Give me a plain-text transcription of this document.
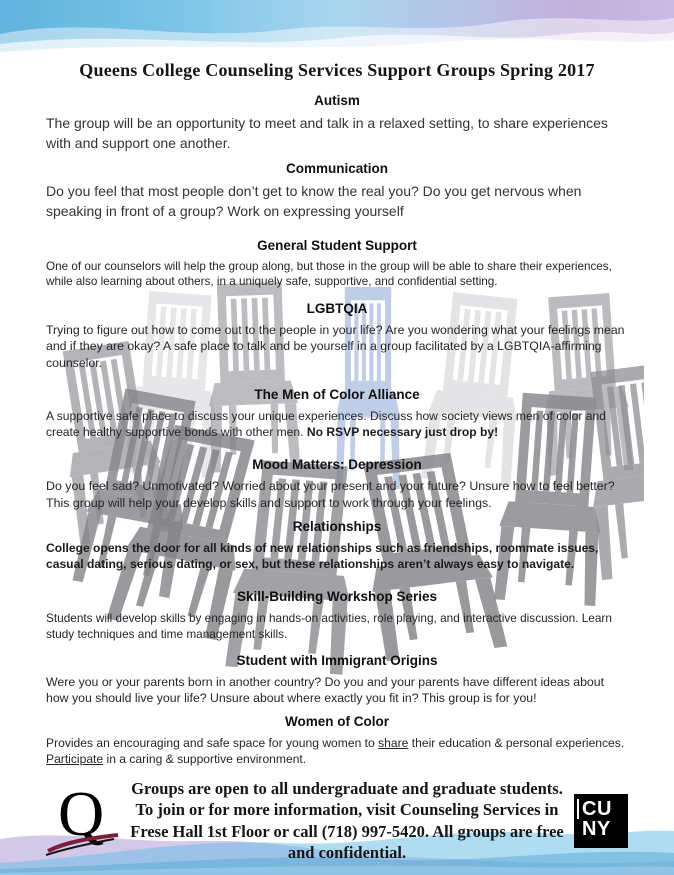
Queens College Counseling Services Support Groups Spring 2017
Autism

The group will be an opportunity to meet and talk in a relaxed setting, to share experiences with and support one another.

Communication

Do you feel that most people don’t get to know the real you? Do you get nervous when speaking in front of a group? Work on expressing yourself

General Student Support

One of our counselors will help the group along, but those in the group will be able to share their experiences, while also learning about others, in a uniquely safe, supportive, and confidential setting.

LGBTQIA

Trying to figure out how to come out to the people in your life? Are you wondering what your feelings mean and if they are okay? A safe place to talk and be yourself in a group facilitated by a LGBTQIA-affirming counselor.

The Men of Color Alliance

A supportive safe place to discuss your unique experiences. Discuss how society views men of color and create healthy supportive bonds with other men. No RSVP necessary just drop by!

Mood Matters: Depression

Do you feel sad? Unmotivated? Worried about your present and your future? Unsure how to feel better? This group will help your develop skills and support to work through your feelings.

Relationships

College opens the door for all kinds of new relationships such as friendships, roommate issues, casual dating, serious dating, or sex, but these relationships aren’t always easy to navigate.

Skill-Building Workshop Series

Students will develop skills by engaging in hands-on activities, role playing, and interactive discussion. Learn study techniques and time management skills.

Student with Immigrant Origins

Were you or your parents born in another country? Do you and your parents have different ideas about how you should live your life? Unsure about where exactly you fit in? This group is for you!

Women of Color

Provides an encouraging and safe space for young women to share their education & personal experiences. Participate in a caring & supportive environment.

Q	Groups are open to all undergraduate and graduate students. To join or for more information, visit Counseling Services in Frese Hall 1st Floor or call (718) 997-5420. All groups are free and confidential.

CU
NY
